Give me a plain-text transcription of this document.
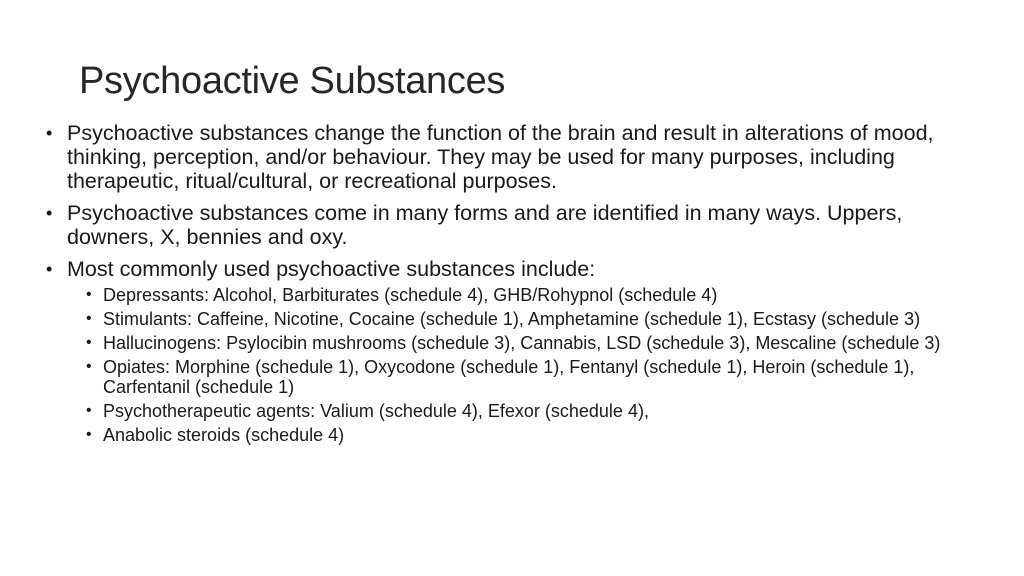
Psychoactive Substances
• Psychoactive substances change the function of the brain and result in alterations of mood, thinking, perception, and/or behaviour. They may be used for many purposes, including therapeutic, ritual/cultural, or recreational purposes.
• Psychoactive substances come in many forms and are identified in many ways. Uppers, downers, X, bennies and oxy.
• Most commonly used psychoactive substances include:
• Depressants: Alcohol, Barbiturates (schedule 4), GHB/Rohypnol (schedule 4)
• Stimulants: Caffeine, Nicotine, Cocaine (schedule 1), Amphetamine (schedule 1), Ecstasy (schedule 3)
• Hallucinogens: Psylocibin mushrooms (schedule 3), Cannabis, LSD (schedule 3), Mescaline (schedule 3)
• Opiates: Morphine (schedule 1), Oxycodone (schedule 1), Fentanyl (schedule 1), Heroin (schedule 1), Carfentanil (schedule 1)
• Psychotherapeutic agents: Valium (schedule 4), Efexor (schedule 4),
• Anabolic steroids (schedule 4)
